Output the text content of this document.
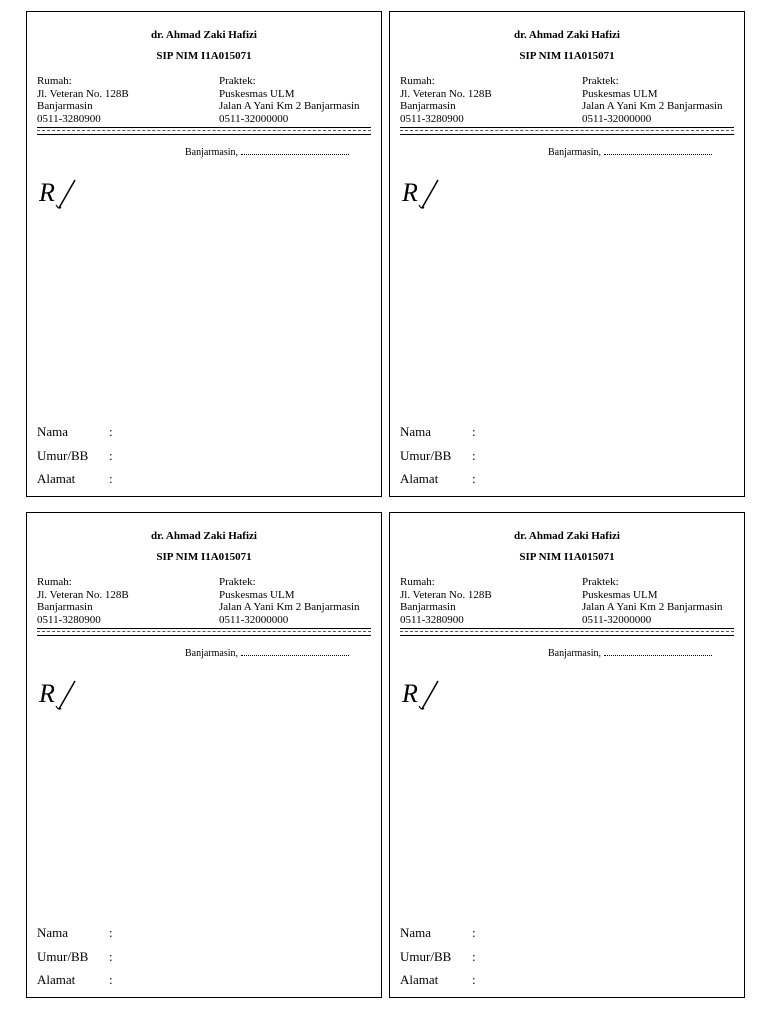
dr. Ahmad Zaki Hafizi
SIP NIM I1A015071
Rumah:
Jl. Veteran No. 128B
Banjarmasin
0511-3280900
Praktek:
Puskesmas ULM
Jalan A Yani Km 2 Banjarmasin
0511-32000000
Banjarmasin,
R
Nama	:
Umur/BB :
Alamat	:
dr. Ahmad Zaki Hafizi
SIP NIM I1A015071
Rumah:
Jl. Veteran No. 128B
Banjarmasin
0511-3280900
Praktek:
Puskesmas ULM
Jalan A Yani Km 2 Banjarmasin
0511-32000000
Banjarmasin,
R
Nama	:
Umur/BB :
Alamat	:
dr. Ahmad Zaki Hafizi
SIP NIM I1A015071
Rumah:
Jl. Veteran No. 128B
Banjarmasin
0511-3280900
Praktek:
Puskesmas ULM
Jalan A Yani Km 2 Banjarmasin
0511-32000000
Banjarmasin,
R
Nama	:
Umur/BB :
Alamat	:
dr. Ahmad Zaki Hafizi
SIP NIM I1A015071
Rumah:
Jl. Veteran No. 128B
Banjarmasin
0511-3280900
Praktek:
Puskesmas ULM
Jalan A Yani Km 2 Banjarmasin
0511-32000000
Banjarmasin,
R
Nama	:
Umur/BB :
Alamat	:
